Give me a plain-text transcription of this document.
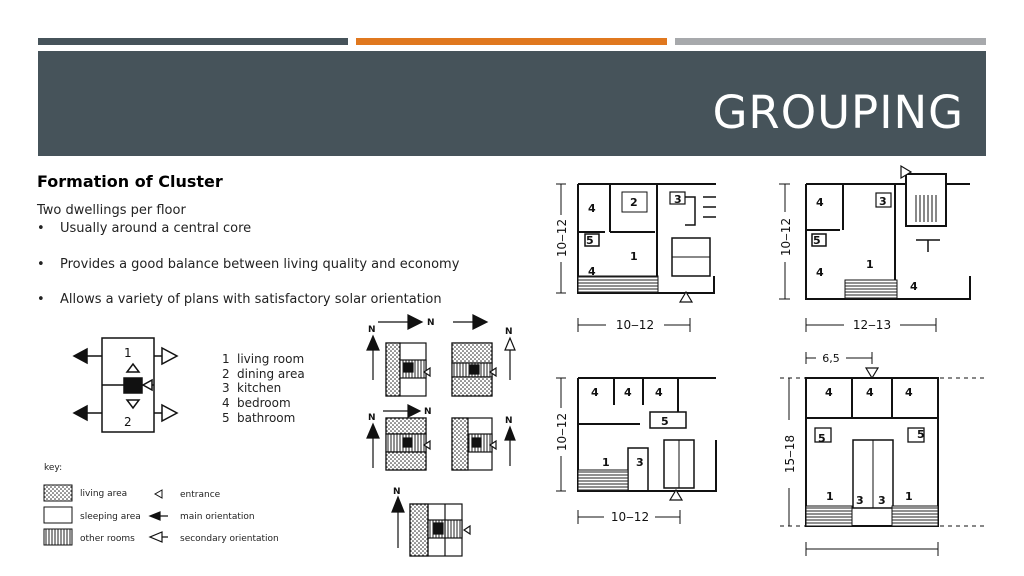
GROUPING
Formation of Cluster
Two dwellings per floor
• Usually around a central core
• Provides a good balance between living quality and economy
• Allows a variety of plans with satisfactory solar orientation
1
2
1 living room
2 dining area
3 kitchen
4 bedroom
5 bathroom
key:
living area
sleeping area
other rooms
entrance
main orientation
secondary orientation
N
N	N
N
N	N
N
4	2	3
5
1
4
10‒12
10‒12
4	3
5
1
4
4
10‒12
12‒13
4 4 4
5
1 3
10‒12
10‒12
4	4	4
5	5
1 3 3 1
15‒18
6,5
